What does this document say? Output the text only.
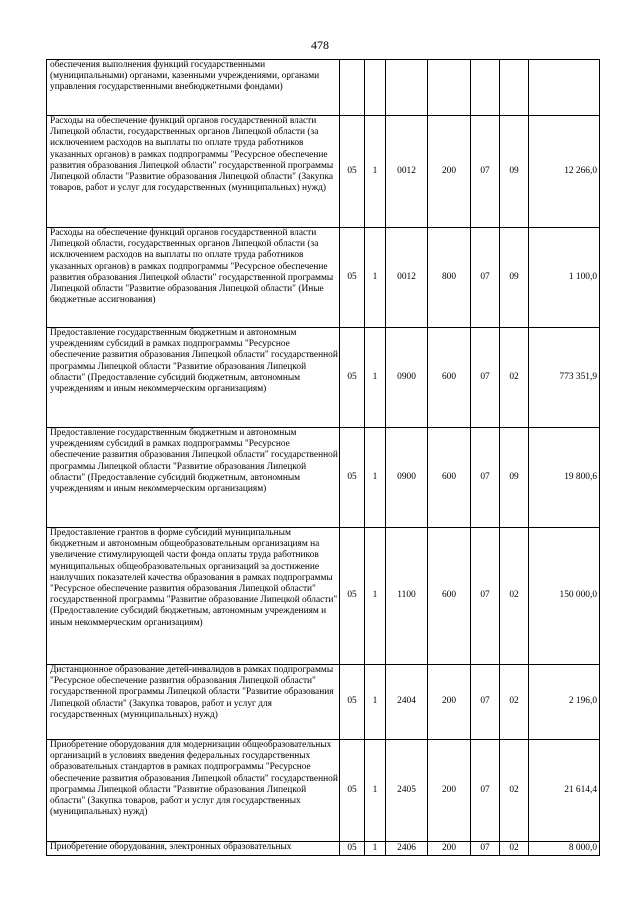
478
обеспечения выполнения функций государственными (муниципальными) органами, казенными учреждениями, органами управления государственными внебюджетными фондами)							
Расходы на обеспечение функций органов государственной власти Липецкой области, государственных органов Липецкой области (за исключением расходов на выплаты по оплате труда работников указанных органов) в рамках подпрограммы "Ресурсное обеспечение развития образования Липецкой области" государственной программы Липецкой области "Развитие образования Липецкой области" (Закупка товаров, работ и услуг для государственных (муниципальных) нужд)	05	1	0012	200	07	09	12 266,0
Расходы на обеспечение функций органов государственной власти Липецкой области, государственных органов Липецкой области (за исключением расходов на выплаты по оплате труда работников указанных органов) в рамках подпрограммы "Ресурсное обеспечение развития образования Липецкой области" государственной программы Липецкой области "Развитие образования Липецкой области" (Иные бюджетные ассигнования)	05	1	0012	800	07	09	1 100,0
Предоставление государственным бюджетным и автономным учреждениям субсидий в рамках подпрограммы "Ресурсное обеспечение развития образования Липецкой области" государственной программы Липецкой области "Развитие образования Липецкой области" (Предоставление субсидий бюджетным, автономным учреждениям и иным некоммерческим организациям)	05	1	0900	600	07	02	773 351,9
Предоставление государственным бюджетным и автономным учреждениям субсидий в рамках подпрограммы "Ресурсное обеспечение развития образования Липецкой области" государственной программы Липецкой области "Развитие образования Липецкой области" (Предоставление субсидий бюджетным, автономным учреждениям и иным некоммерческим организациям)	05	1	0900	600	07	09	19 800,6
Предоставление грантов в форме субсидий муниципальным бюджетным и автономным общеобразовательным организациям на увеличение стимулирующей части фонда оплаты труда работников муниципальных общеобразовательных организаций за достижение наилучших показателей качества образования в рамках подпрограммы "Ресурсное обеспечение развития образования Липецкой области" государственной программы "Развитие образование Липецкой области" (Предоставление субсидий бюджетным, автономным учреждениям и иным некоммерческим организациям)	05	1	1100	600	07	02	150 000,0
Дистанционное образование детей-инвалидов в рамках подпрограммы "Ресурсное обеспечение развития образования Липецкой области" государственной программы Липецкой области "Развитие образования Липецкой области" (Закупка товаров, работ и услуг для государственных (муниципальных) нужд)	05	1	2404	200	07	02	2 196,0
Приобретение оборудования для модернизации общеобразовательных организаций в условиях введения федеральных государственных образовательных стандартов в рамках подпрограммы "Ресурсное обеспечение развития образования Липецкой области" государственной программы Липецкой области "Развитие образования Липецкой области" (Закупка товаров, работ и услуг для государственных (муниципальных) нужд)	05	1	2405	200	07	02	21 614,4
Приобретение оборудования, электронных образовательных	05	1	2406	200	07	02	8 000,0
